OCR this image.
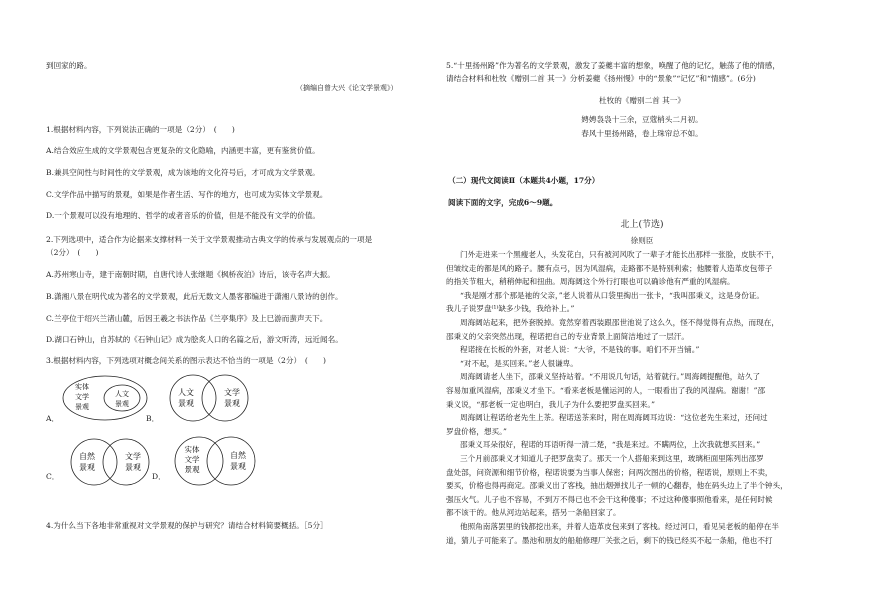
到回家的路。
（摘编自曾大兴《论文学景观》）
1.根据材料内容，下列说法正确的一项是（2分）　(　　)
A.结合效应生成的文学景观包含更复杂的文化隐喻，内涵更丰富，更有鉴赏价值。
B.兼具空间性与时间性的文学景观，成为该地的文化符号后，才可成为文学景观。
C.文学作品中描写的景观，如果是作者生活、写作的地方，也可成为实体文学景观。
D.一个景观可以没有地理的、哲学的或者音乐的价值，但是不能没有文学的价值。
2.下列选项中，适合作为论据来支撑材料一关于文学景观推动古典文学的传承与发展观点的一项是
（2分）　(　　)
A.苏州寒山寺，建于南朝时期，自唐代诗人张继题《枫桥夜泊》诗后，该寺名声大振。
B.潇湘八景在明代成为著名的文学景观，此后无数文人墨客都编进于潇湘八景诗的创作。
C.兰亭位于绍兴兰渚山麓，后因王羲之书法作品《兰亭集序》及上巳游而蜚声天下。
D.湖口石钟山，自苏轼的《石钟山记》成为脍炙人口的名篇之后，游文听涛，远近闻名。
3.根据材料内容，下列选项对概念间关系的图示表达不恰当的一项是（2分）　(　　)
A．
实体
文学
景观
人文
景观
B．
人文
景观
文学
景观
C．
自然
景观
文学
景观
D．
实体
文学
景观
自然
景观
4.为什么当下各地非常重视对文学景观的保护与研究？请结合材料简要概括。［5分］
5.“十里扬州路”作为著名的文学景观，激发了姜夔丰富的想象，唤醒了他的记忆，触荡了他的情感，
请结合材料和杜牧《赠别二首 其一》分析姜夔《扬州慢》中的“景象”“记忆”和“情感”。(6分)
杜牧的《赠别二首 其一》
娉娉袅袅十三余，豆蔻梢头二月初。
春风十里扬州路，卷上珠帘总不如。
（二）现代文阅读Ⅱ（本题共4小题，17分）
阅读下面的文字，完成6～9题。
北上(节选)
徐则臣
门外走进来一个黑瘦老人，头发花白，只有被河风吹了一辈子才能长出那样一张脸，皮肤不干，
但皱纹走的都是风的路子。腰有点弓，因为风湿病，走路都不是特别利索；他腰着人造革皮包带子
的指关节粗大，稍稍伸起和扭曲。周海阔这个外行打眼也可以确诊他有严重的风湿病。
“我是刚才那个那是祂的父亲，”老人说着从口袋里掏出一张卡，“我叫邵秉义，这是身份证。
我儿子说罗盘⁽¹⁾缺多少钱，我给补上。”
周海阔站起来，把外套脱掉。竟然穿着西装跟邵世池说了这么久，怪不得觉得有点热，而现在，
邵秉义的父亲突然出现，程诺把自己的专业背景上面简洁地过了一层汗。
程诺接在长板的外套，对老人说：“大爷，不是钱的事。咱们不开当铺。”
“对不起，是买回来。”老人很谦卑。
周海阔请老人坐下，邵秉义坚持站着。“不用说几句话，站着就行。”周海阔提醒他，站久了
容易加重风湿病，邵秉义才坐下。“看来老板是懂运河的人，一眼看出了我的风湿病。谢谢！”邵
秉义说，“那老板一定也明白，我儿子为什么要把罗盘买回来。”
周海阔让程诺给老先生上茶。程诺送茶来时，附在周海阔耳边说：“这位老先生来过，还问过
罗盘价格，想买。”
邵秉义耳朵很好，程诺的耳语听得一清二楚，“我是来过。不瞒两位，上次我就想买回来。”
三个月前邵秉义才知道儿子把罗盘卖了。那天一个人搭船来到这里，玻璃柜面里陈列出邵罗
盘处部，问资源和细节价格，程诺说要为当事人保密；问两次图出的价格，程诺说，原则上不卖，
要买，价格也得再商定。邵秉义出了客栈，抽出烟弹找儿子一顿的心翻春，他在码头边上了半个钟头，
强压火气。儿子也不容易，不到万不得已也不会干这种傻事；不过这种傻事照他看来，是任何时候
都不该干的。他从河边站起来，搭另一条船回家了。
他照角南落罢里的钱都挖出来，并着人造革皮包来到了客栈。经过河口，看见吴老板的船停在半
道，猜儿子可能来了。墨池和朋友的船舶修理厂关张之后，剩下的钱已经买不起一条船，他也不打
